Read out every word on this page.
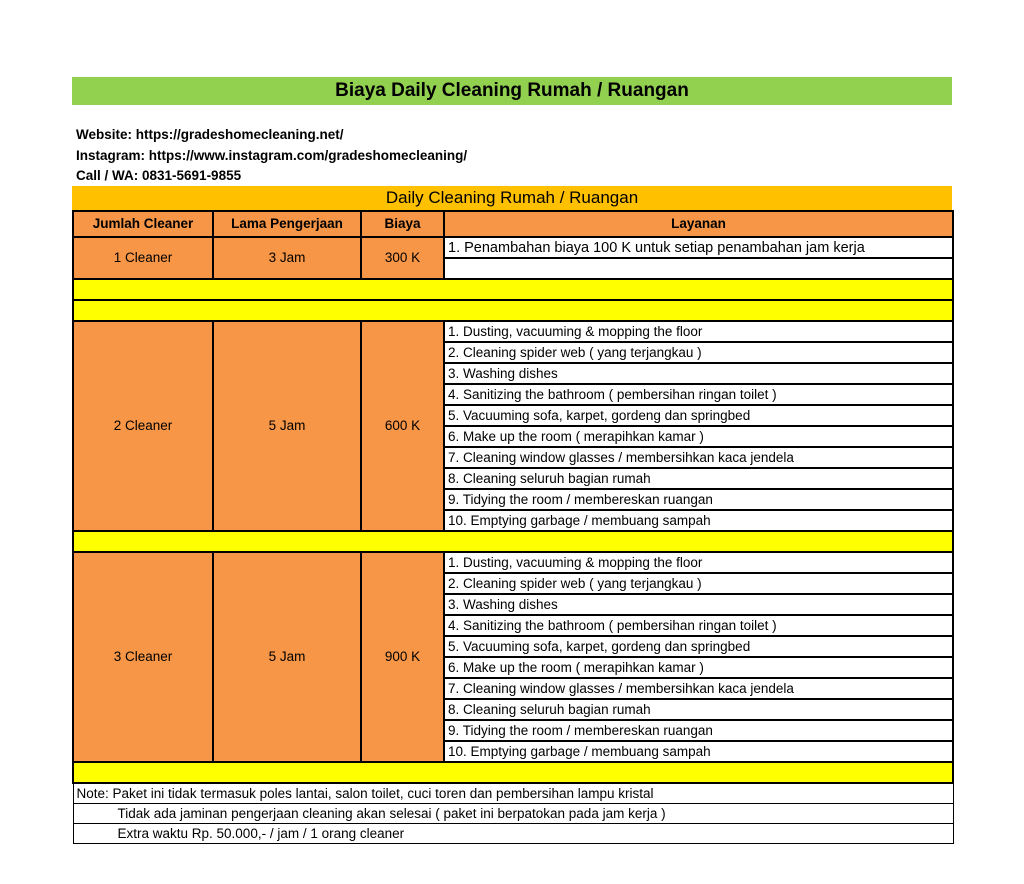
Biaya Daily Cleaning Rumah / Ruangan
Website: https://gradeshomecleaning.net/
Instagram: https://www.instagram.com/gradeshomecleaning/
Call / WA: 0831-5691-9855
Daily Cleaning Rumah / Ruangan
Jumlah Cleaner	Lama Pengerjaan	Biaya	Layanan
1 Cleaner	3 Jam	300 K	1. Penambahan biaya 100 K untuk setiap penambahan jam kerja

2 Cleaner	5 Jam	600 K	1. Dusting, vacuuming & mopping the floor
			2. Cleaning spider web ( yang terjangkau )
			3. Washing dishes
			4. Sanitizing the bathroom ( pembersihan ringan toilet )
			5. Vacuuming sofa, karpet, gordeng dan springbed
			6. Make up the room ( merapihkan kamar )
			7. Cleaning window glasses / membersihkan kaca jendela
			8. Cleaning seluruh bagian rumah
			9. Tidying the room / membereskan ruangan
			10. Emptying garbage / membuang sampah

3 Cleaner	5 Jam	900 K	1. Dusting, vacuuming & mopping the floor
			2. Cleaning spider web ( yang terjangkau )
			3. Washing dishes
			4. Sanitizing the bathroom ( pembersihan ringan toilet )
			5. Vacuuming sofa, karpet, gordeng dan springbed
			6. Make up the room ( merapihkan kamar )
			7. Cleaning window glasses / membersihkan kaca jendela
			8. Cleaning seluruh bagian rumah
			9. Tidying the room / membereskan ruangan
			10. Emptying garbage / membuang sampah

Note: Paket ini tidak termasuk poles lantai, salon toilet, cuci toren dan pembersihan lampu kristal			
Tidak ada jaminan pengerjaan cleaning akan selesai ( paket ini berpatokan pada jam kerja )			
Extra waktu Rp. 50.000,- / jam / 1 orang cleaner			
